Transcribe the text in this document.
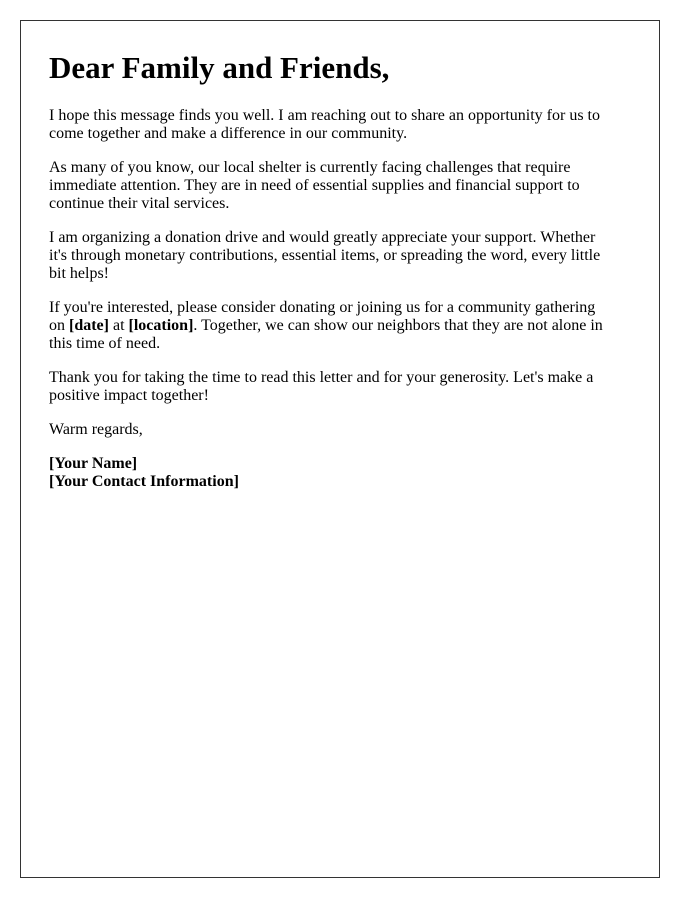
Dear Family and Friends,

I hope this message finds you well. I am reaching out to share an opportunity for us to come together and make a difference in our community.

As many of you know, our local shelter is currently facing challenges that require immediate attention. They are in need of essential supplies and financial support to continue their vital services.

I am organizing a donation drive and would greatly appreciate your support. Whether it's through monetary contributions, essential items, or spreading the word, every little bit helps!

If you're interested, please consider donating or joining us for a community gathering on [date] at [location]. Together, we can show our neighbors that they are not alone in this time of need.

Thank you for taking the time to read this letter and for your generosity. Let's make a positive impact together!

Warm regards,

[Your Name]
[Your Contact Information]
